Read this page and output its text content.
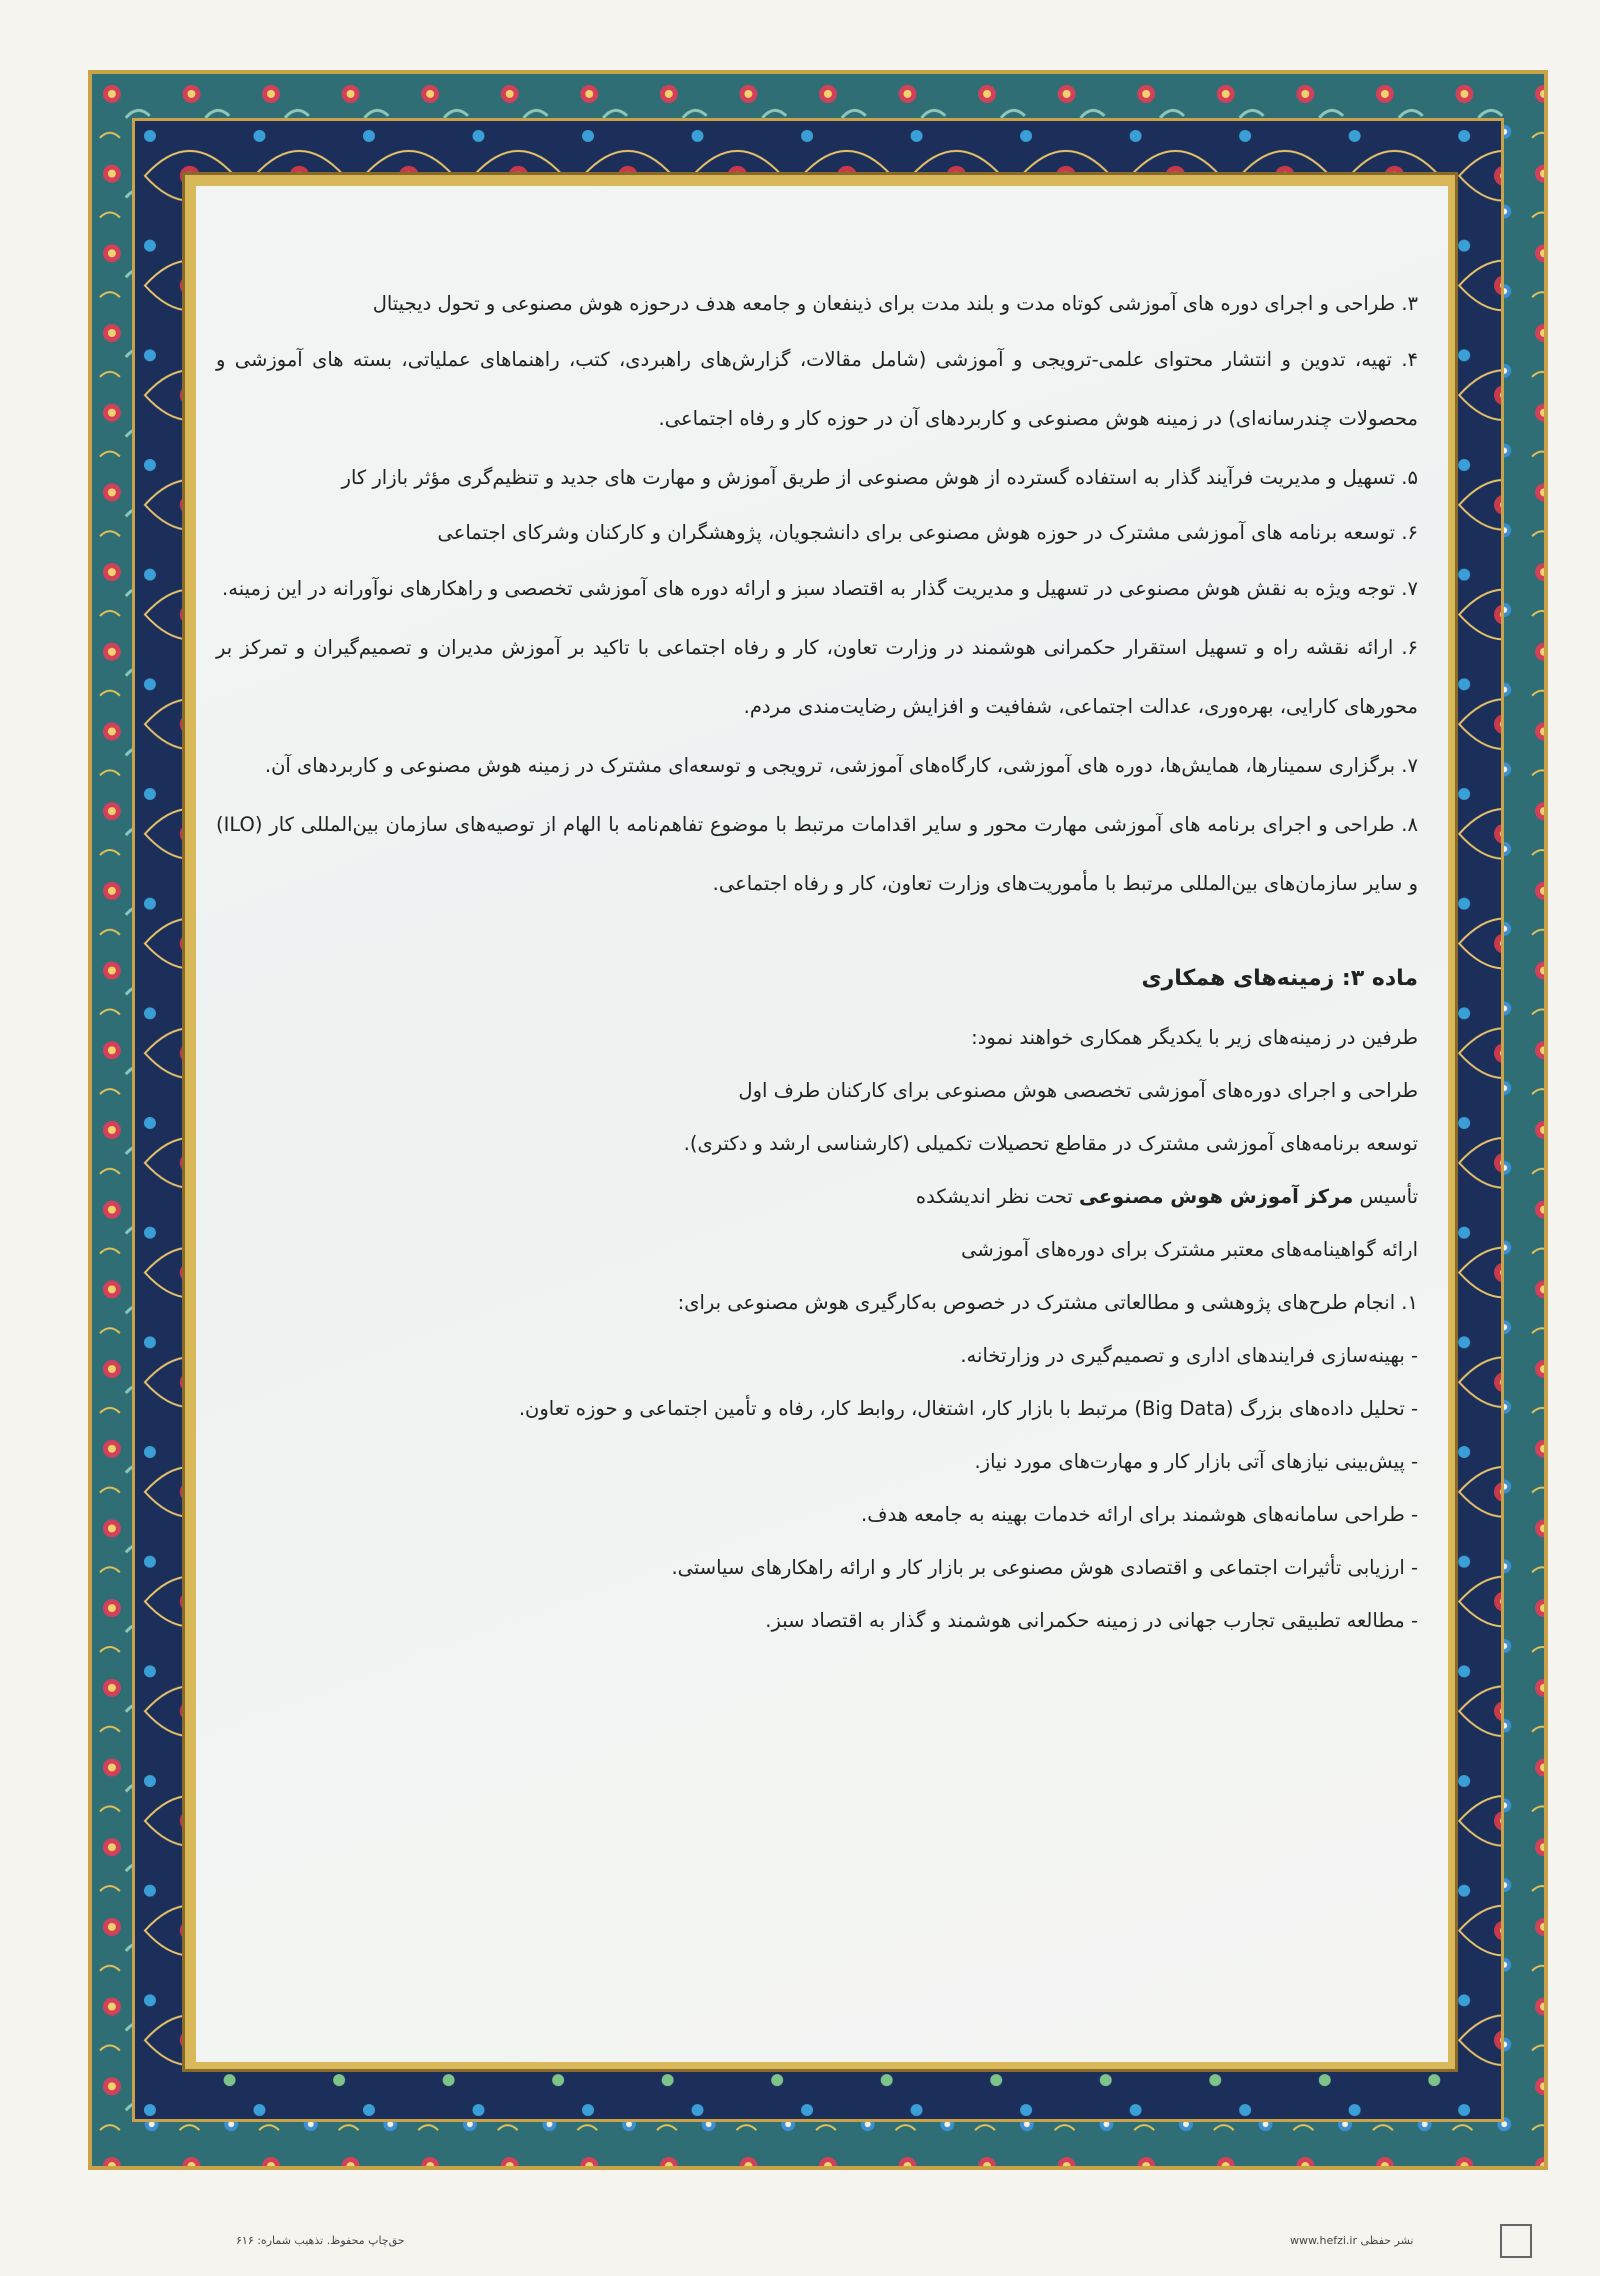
۳. طراحی و اجرای دوره های آموزشی کوتاه مدت و بلند مدت برای ذینفعان و جامعه هدف درحوزه هوش مصنوعی و تحول دیجیتال

۴. تهیه، تدوین و انتشار محتوای علمی-ترویجی و آموزشی (شامل مقالات، گزارش‌های راهبردی، کتب، راهنماهای عملیاتی، بسته های آموزشی و محصولات چندرسانه‌ای) در زمینه هوش مصنوعی و کاربردهای آن در حوزه کار و رفاه اجتماعی.

۵. تسهیل و مدیریت فرآیند گذار به استفاده گسترده از هوش مصنوعی از طریق آموزش و مهارت های جدید و تنظیم‌گری مؤثر بازار کار

۶. توسعه برنامه های آموزشی مشترک در حوزه هوش مصنوعی برای دانشجویان، پژوهشگران و کارکنان وشرکای اجتماعی

۷. توجه ویژه به نقش هوش مصنوعی در تسهیل و مدیریت گذار به اقتصاد سبز و ارائه دوره های آموزشی تخصصی و راهکارهای نوآورانه در این زمینه.

۶. ارائه نقشه راه و تسهیل استقرار حکمرانی هوشمند در وزارت تعاون، کار و رفاه اجتماعی با تاکید بر آموزش مدیران و تصمیم‌گیران و تمرکز بر محورهای کارایی، بهره‌وری، عدالت اجتماعی، شفافیت و افزایش رضایت‌مندی مردم.

۷. برگزاری سمینارها، همایش‌ها، دوره های آموزشی، کارگاه‌های آموزشی، ترویجی و توسعه‌ای مشترک در زمینه هوش مصنوعی و کاربردهای آن.

۸. طراحی و اجرای برنامه های آموزشی مهارت محور و سایر اقدامات مرتبط با موضوع تفاهم‌نامه با الهام از توصیه‌های سازمان بین‌المللی کار (ILO) و سایر سازمان‌های بین‌المللی مرتبط با مأموریت‌های وزارت تعاون، کار و رفاه اجتماعی.

ماده ۳: زمینه‌های همکاری
طرفین در زمینه‌های زیر با یکدیگر همکاری خواهند نمود:
طراحی و اجرای دوره‌های آموزشی تخصصی هوش مصنوعی برای کارکنان طرف اول
توسعه برنامه‌های آموزشی مشترک در مقاطع تحصیلات تکمیلی (کارشناسی ارشد و دکتری).
تأسیس مرکز آموزش هوش مصنوعی تحت نظر اندیشکده
ارائه گواهینامه‌های معتبر مشترک برای دوره‌های آموزشی
۱. انجام طرح‌های پژوهشی و مطالعاتی مشترک در خصوص به‌کارگیری هوش مصنوعی برای:
- بهینه‌سازی فرایندهای اداری و تصمیم‌گیری در وزارتخانه.
- تحلیل داده‌های بزرگ (Big Data) مرتبط با بازار کار، اشتغال، روابط کار، رفاه و تأمین اجتماعی و حوزه تعاون.
- پیش‌بینی نیازهای آتی بازار کار و مهارت‌های مورد نیاز.
- طراحی سامانه‌های هوشمند برای ارائه خدمات بهینه به جامعه هدف.
- ارزیابی تأثیرات اجتماعی و اقتصادی هوش مصنوعی بر بازار کار و ارائه راهکارهای سیاستی.
- مطالعه تطبیقی تجارب جهانی در زمینه حکمرانی هوشمند و گذار به اقتصاد سبز.
حق‌چاپ محفوظ. تذهیب شماره: ۶۱۶	www.hefzi.ir نشر حفظی
